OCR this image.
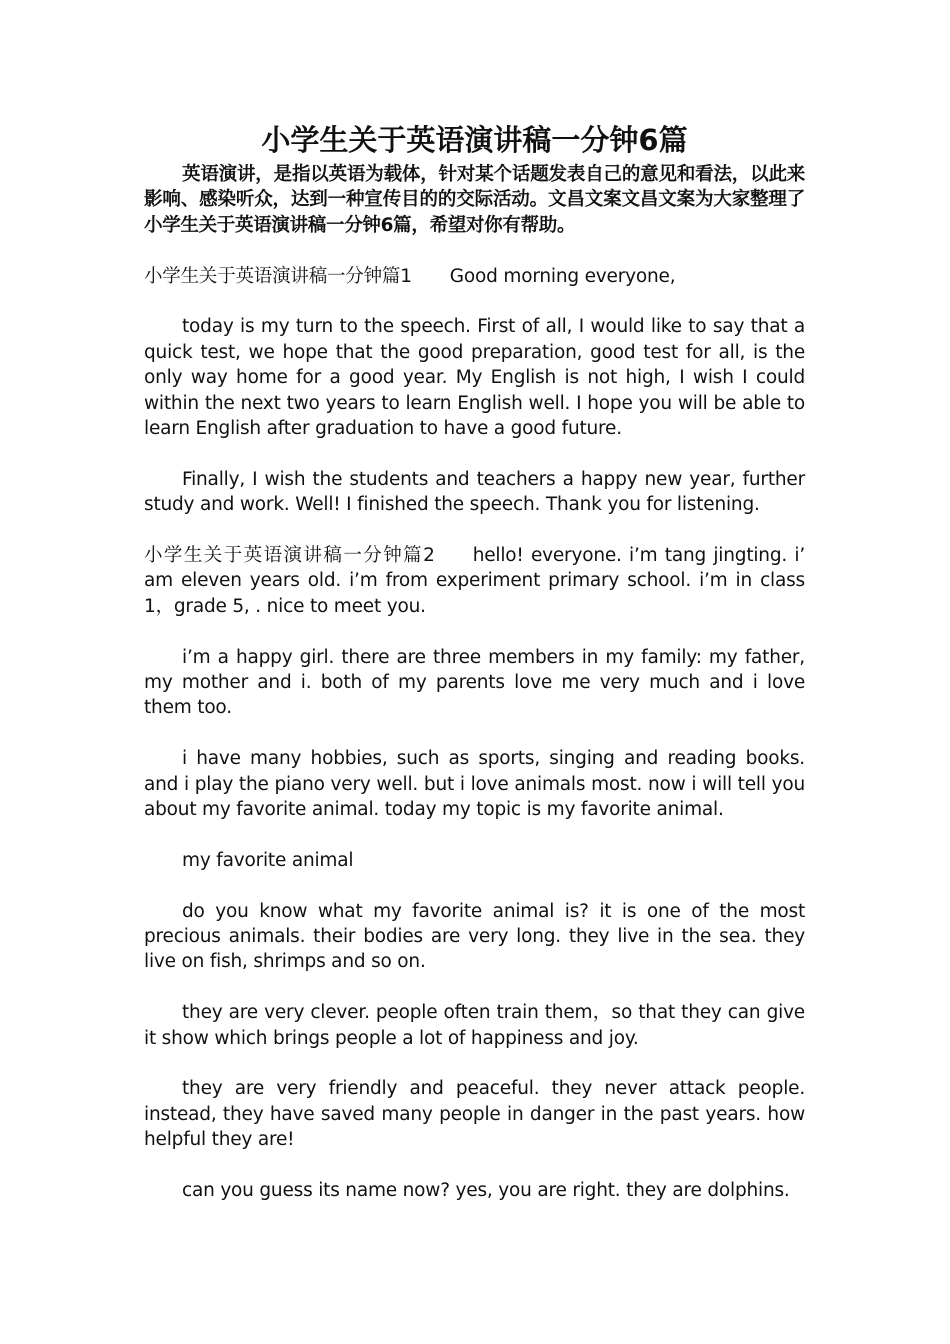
小学生关于英语演讲稿一分钟6篇

英语演讲，是指以英语为载体，针对某个话题发表自己的意见和看法，以此来影响、感染听众，达到一种宣传目的的交际活动。文昌文案文昌文案为大家整理了小学生关于英语演讲稿一分钟6篇，希望对你有帮助。

小学生关于英语演讲稿一分钟篇1 Good morning everyone,

today is my turn to the speech. First of all, I would like to say that a quick test, we hope that the good preparation, good test for all, is the only way home for a good year. My English is not high, I wish I could within the next two years to learn English well. I hope you will be able to learn English after graduation to have a good future.

Finally, I wish the students and teachers a happy new year, further study and work. Well! I finished the speech. Thank you for listening.

小学生关于英语演讲稿一分钟篇2 hello! everyone. i’m tang jingting. i’ am eleven years old. i’m from experiment primary school. i’m in class 1，grade 5, . nice to meet you.

i’m a happy girl. there are three members in my family: my father, my mother and i. both of my parents love me very much and i love them too.

i have many hobbies, such as sports, singing and reading books. and i play the piano very well. but i love animals most. now i will tell you about my favorite animal. today my topic is my favorite animal.

my favorite animal

do you know what my favorite animal is? it is one of the most precious animals. their bodies are very long. they live in the sea. they live on fish, shrimps and so on.

they are very clever. people often train them，so that they can give it show which brings people a lot of happiness and joy.

they are very friendly and peaceful. they never attack people. instead, they have saved many people in danger in the past years. how helpful they are!

can you guess its name now? yes, you are right. they are dolphins.
